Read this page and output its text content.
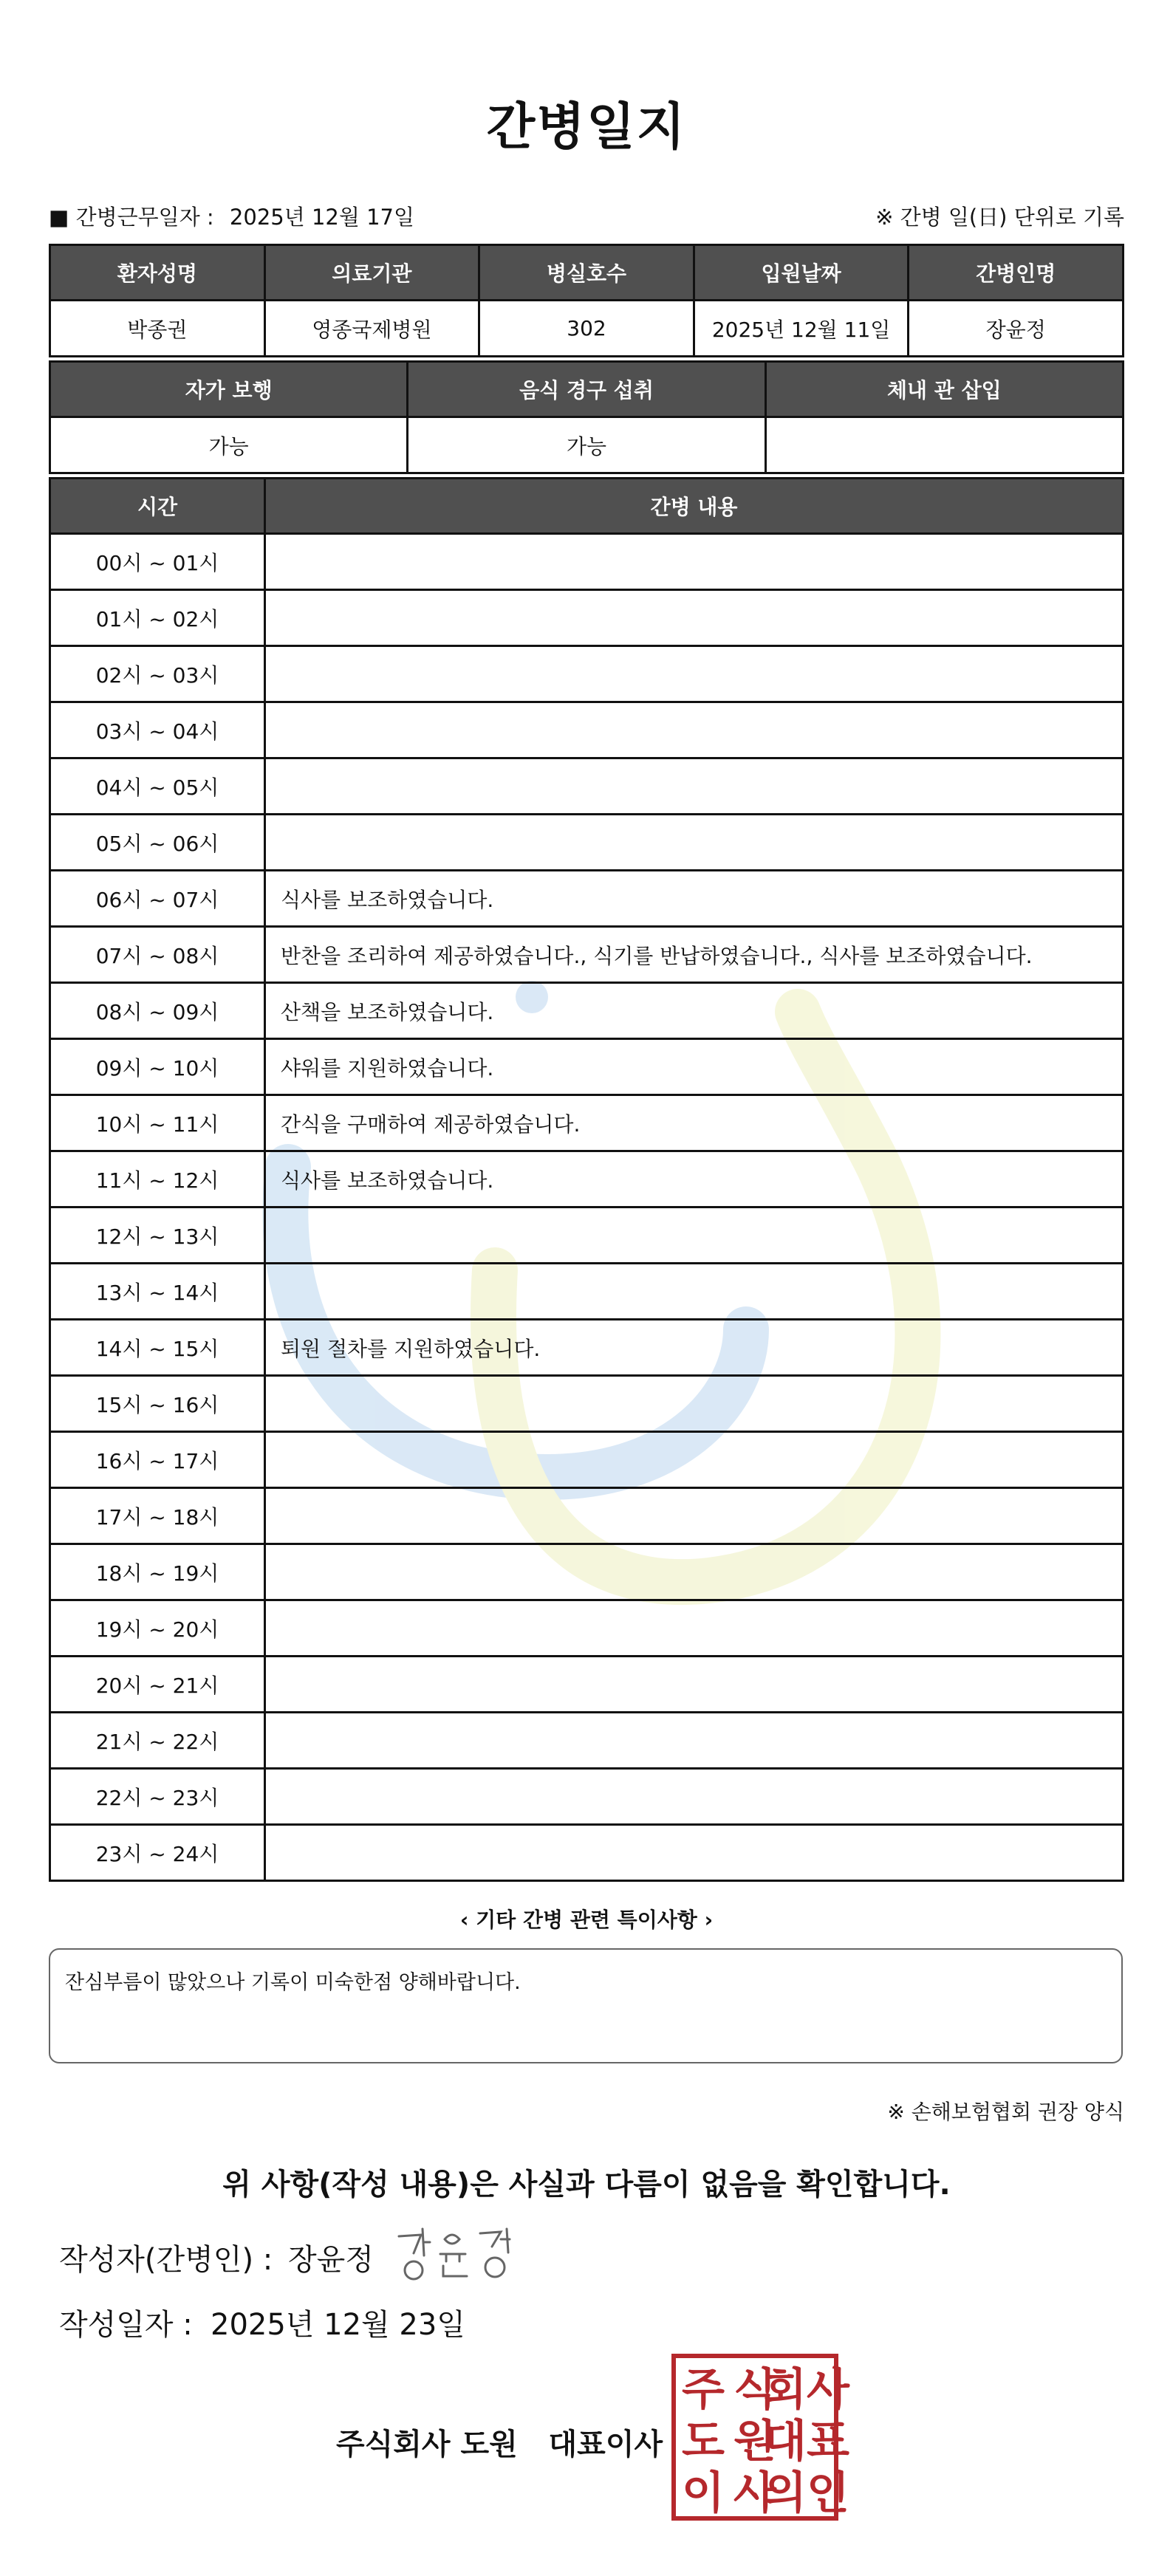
간병일지
■ 간병근무일자 : 2025년 12월 17일	※ 간병 일(日) 단위로 기록
환자성명	의료기관	병실호수	입원날짜	간병인명
박종권	영종국제병원	302	2025년 12월 11일	장윤정
자가 보행	음식 경구 섭취	체내 관 삽입
가능	가능	
시간	간병 내용
00시 ~ 01시	
01시 ~ 02시	
02시 ~ 03시	
03시 ~ 04시	
04시 ~ 05시	
05시 ~ 06시	
06시 ~ 07시	식사를 보조하였습니다.
07시 ~ 08시	반찬을 조리하여 제공하였습니다., 식기를 반납하였습니다., 식사를 보조하였습니다.
08시 ~ 09시	산책을 보조하였습니다.
09시 ~ 10시	샤워를 지원하였습니다.
10시 ~ 11시	간식을 구매하여 제공하였습니다.
11시 ~ 12시	식사를 보조하였습니다.
12시 ~ 13시	
13시 ~ 14시	
14시 ~ 15시	퇴원 절차를 지원하였습니다.
15시 ~ 16시	
16시 ~ 17시	
17시 ~ 18시	
18시 ~ 19시	
19시 ~ 20시	
20시 ~ 21시	
21시 ~ 22시	
22시 ~ 23시	
23시 ~ 24시	
‹ 기타 간병 관련 특이사항 ›
잔심부름이 많았으나 기록이 미숙한점 양해바랍니다.
※ 손해보험협회 권장 양식
위 사항(작성 내용)은 사실과 다름이 없음을 확인합니다.
작성자(간병인) : 장윤정
작성일자 : 2025년 12월 23일
주식회사 도원   대표이사
주 식
회사
도 원
대표
이 사
의인
